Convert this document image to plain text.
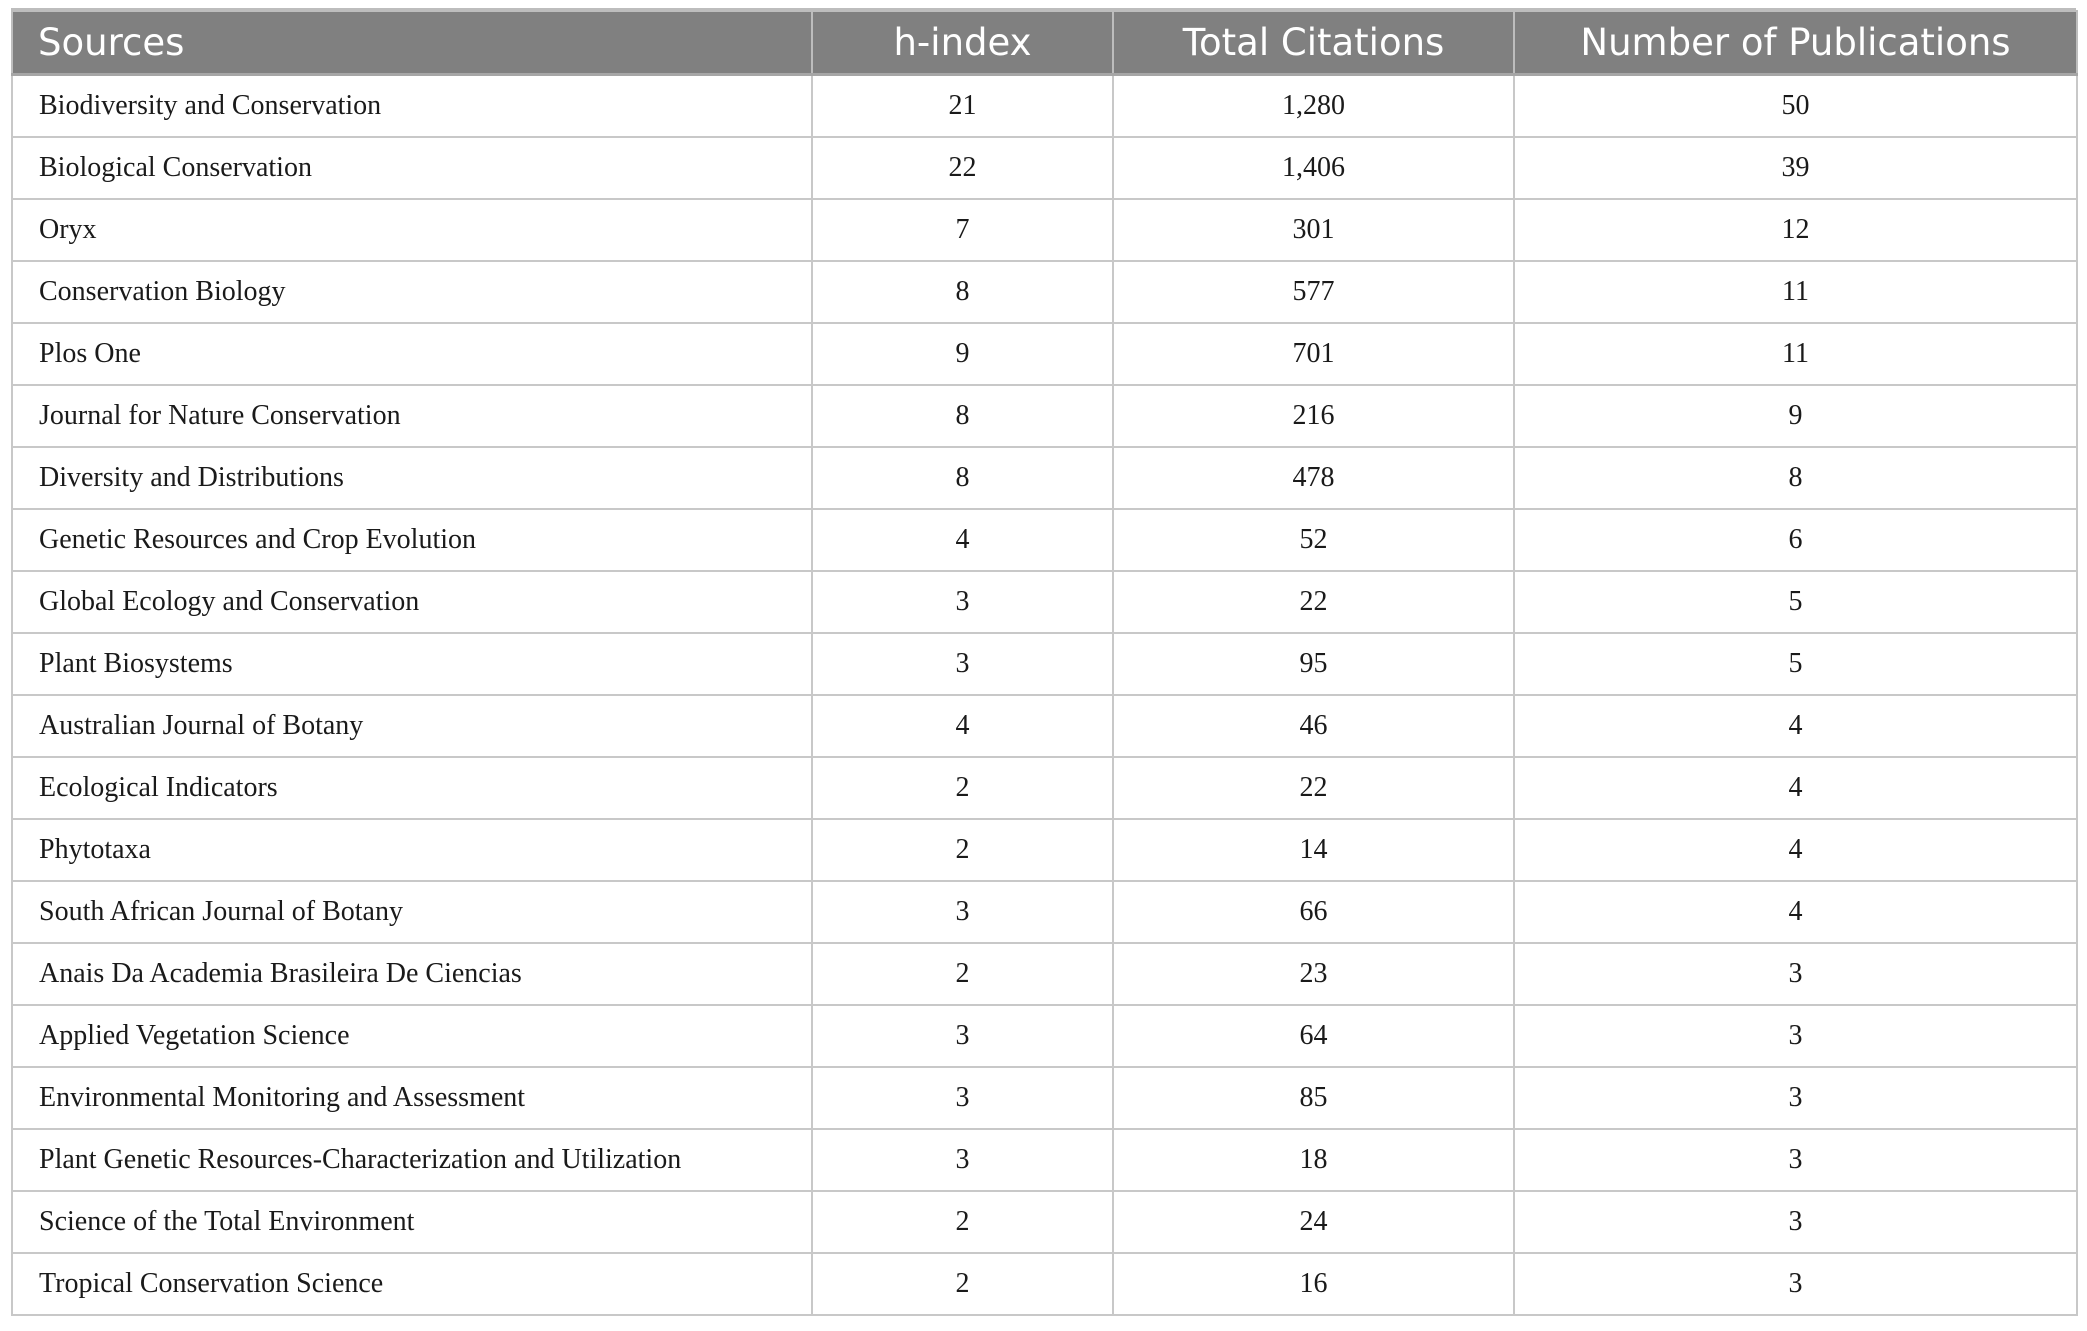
Sources	h-index	Total Citations	Number of Publications
Biodiversity and Conservation	21	1,280	50
Biological Conservation	22	1,406	39
Oryx	7	301	12
Conservation Biology	8	577	11
Plos One	9	701	11
Journal for Nature Conservation	8	216	9
Diversity and Distributions	8	478	8
Genetic Resources and Crop Evolution	4	52	6
Global Ecology and Conservation	3	22	5
Plant Biosystems	3	95	5
Australian Journal of Botany	4	46	4
Ecological Indicators	2	22	4
Phytotaxa	2	14	4
South African Journal of Botany	3	66	4
Anais Da Academia Brasileira De Ciencias	2	23	3
Applied Vegetation Science	3	64	3
Environmental Monitoring and Assessment	3	85	3
Plant Genetic Resources-Characterization and Utilization	3	18	3
Science of the Total Environment	2	24	3
Tropical Conservation Science	2	16	3
